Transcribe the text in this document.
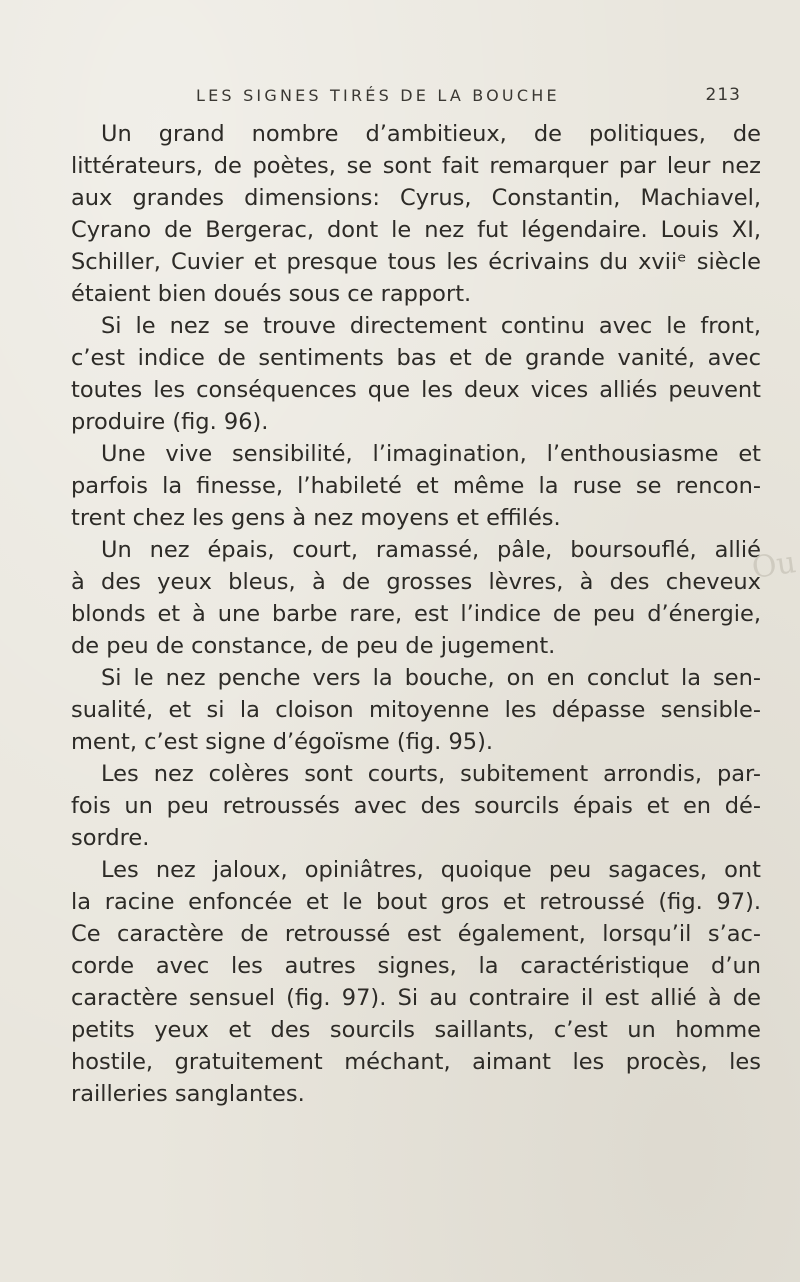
LES SIGNES TIRÉS DE LA BOUCHE	213
Un grand nombre d’ambitieux, de politiques, de
littérateurs, de poètes, se sont fait remarquer par leur nez
aux grandes dimensions: Cyrus, Constantin, Machiavel,
Cyrano de Bergerac, dont le nez fut légendaire. Louis XI,
Schiller, Cuvier et presque tous les écrivains du xviiᵉ siècle
étaient bien doués sous ce rapport.
Si le nez se trouve directement continu avec le front,
c’est indice de sentiments bas et de grande vanité, avec
toutes les conséquences que les deux vices alliés peuvent
produire (fig. 96).
Une vive sensibilité, l’imagination, l’enthousiasme et
parfois la finesse, l’habileté et même la ruse se rencon-
trent chez les gens à nez moyens et effilés.
Un nez épais, court, ramassé, pâle, boursouflé, allié
à des yeux bleus, à de grosses lèvres, à des cheveux
blonds et à une barbe rare, est l’indice de peu d’énergie,
de peu de constance, de peu de jugement.
Si le nez penche vers la bouche, on en conclut la sen-
sualité, et si la cloison mitoyenne les dépasse sensible-
ment, c’est signe d’égoïsme (fig. 95).
Les nez colères sont courts, subitement arrondis, par-
fois un peu retroussés avec des sourcils épais et en dé-
sordre.
Les nez jaloux, opiniâtres, quoique peu sagaces, ont
la racine enfoncée et le bout gros et retroussé (fig. 97).
Ce caractère de retroussé est également, lorsqu’il s’ac-
corde avec les autres signes, la caractéristique d’un
caractère sensuel (fig. 97). Si au contraire il est allié à de
petits yeux et des sourcils saillants, c’est un homme
hostile, gratuitement méchant, aimant les procès, les
railleries sanglantes.
Ou
